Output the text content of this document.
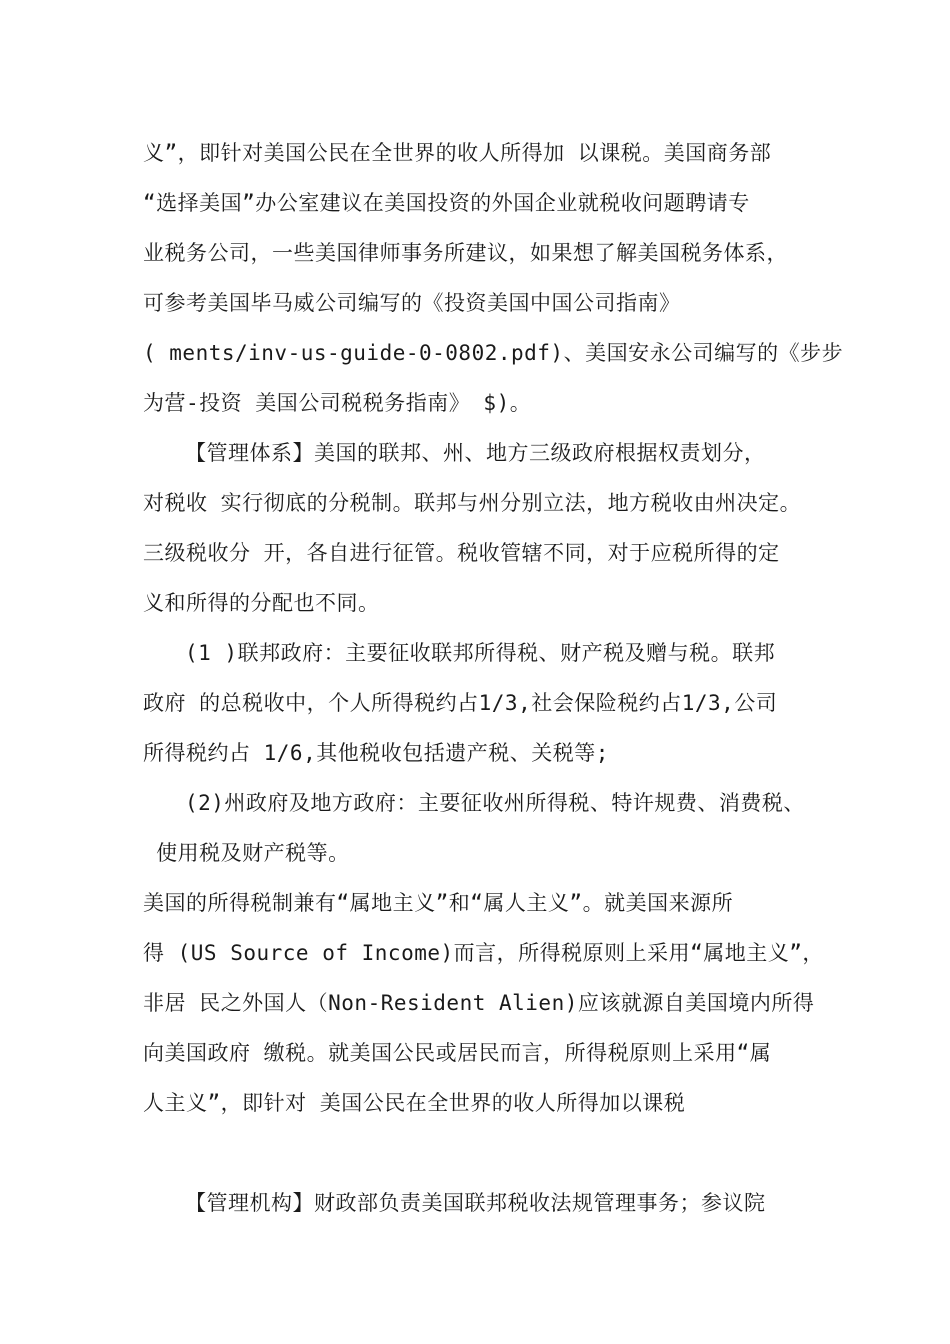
义”，即针对美国公民在全世界的收人所得加 以课税。美国商务部
“选择美国”办公室建议在美国投资的外国企业就税收问题聘请专
业税务公司，一些美国律师事务所建议，如果想了解美国税务体系，
可参考美国毕马威公司编写的《投资美国中国公司指南》
( ments/inv-us-guide-0-0802.pdf)、美国安永公司编写的《步步
为营-投资 美国公司税税务指南》 $)。
【管理体系】美国的联邦、州、地方三级政府根据权责划分，
对税收 实行彻底的分税制。联邦与州分别立法，地方税收由州决定。
三级税收分 开，各自进行征管。税收管辖不同，对于应税所得的定
义和所得的分配也不同。
(1 )联邦政府：主要征收联邦所得税、财产税及赠与税。联邦
政府 的总税收中，个人所得税约占1/3,社会保险税约占1/3,公司
所得税约占 1/6,其他税收包括遗产税、关税等;
(2)州政府及地方政府：主要征收州所得税、特许规费、消费税、
使用税及财产税等。
美国的所得税制兼有“属地主义”和“属人主义”。就美国来源所
得 (US Source of Income)而言，所得税原则上采用“属地主义”，
非居 民之外国人（Non-Resident Alien)应该就源自美国境内所得
向美国政府 缴税。就美国公民或居民而言，所得税原则上采用“属
人主义”，即针对 美国公民在全世界的收人所得加以课税
【管理机构】财政部负责美国联邦税收法规管理事务；参议院
